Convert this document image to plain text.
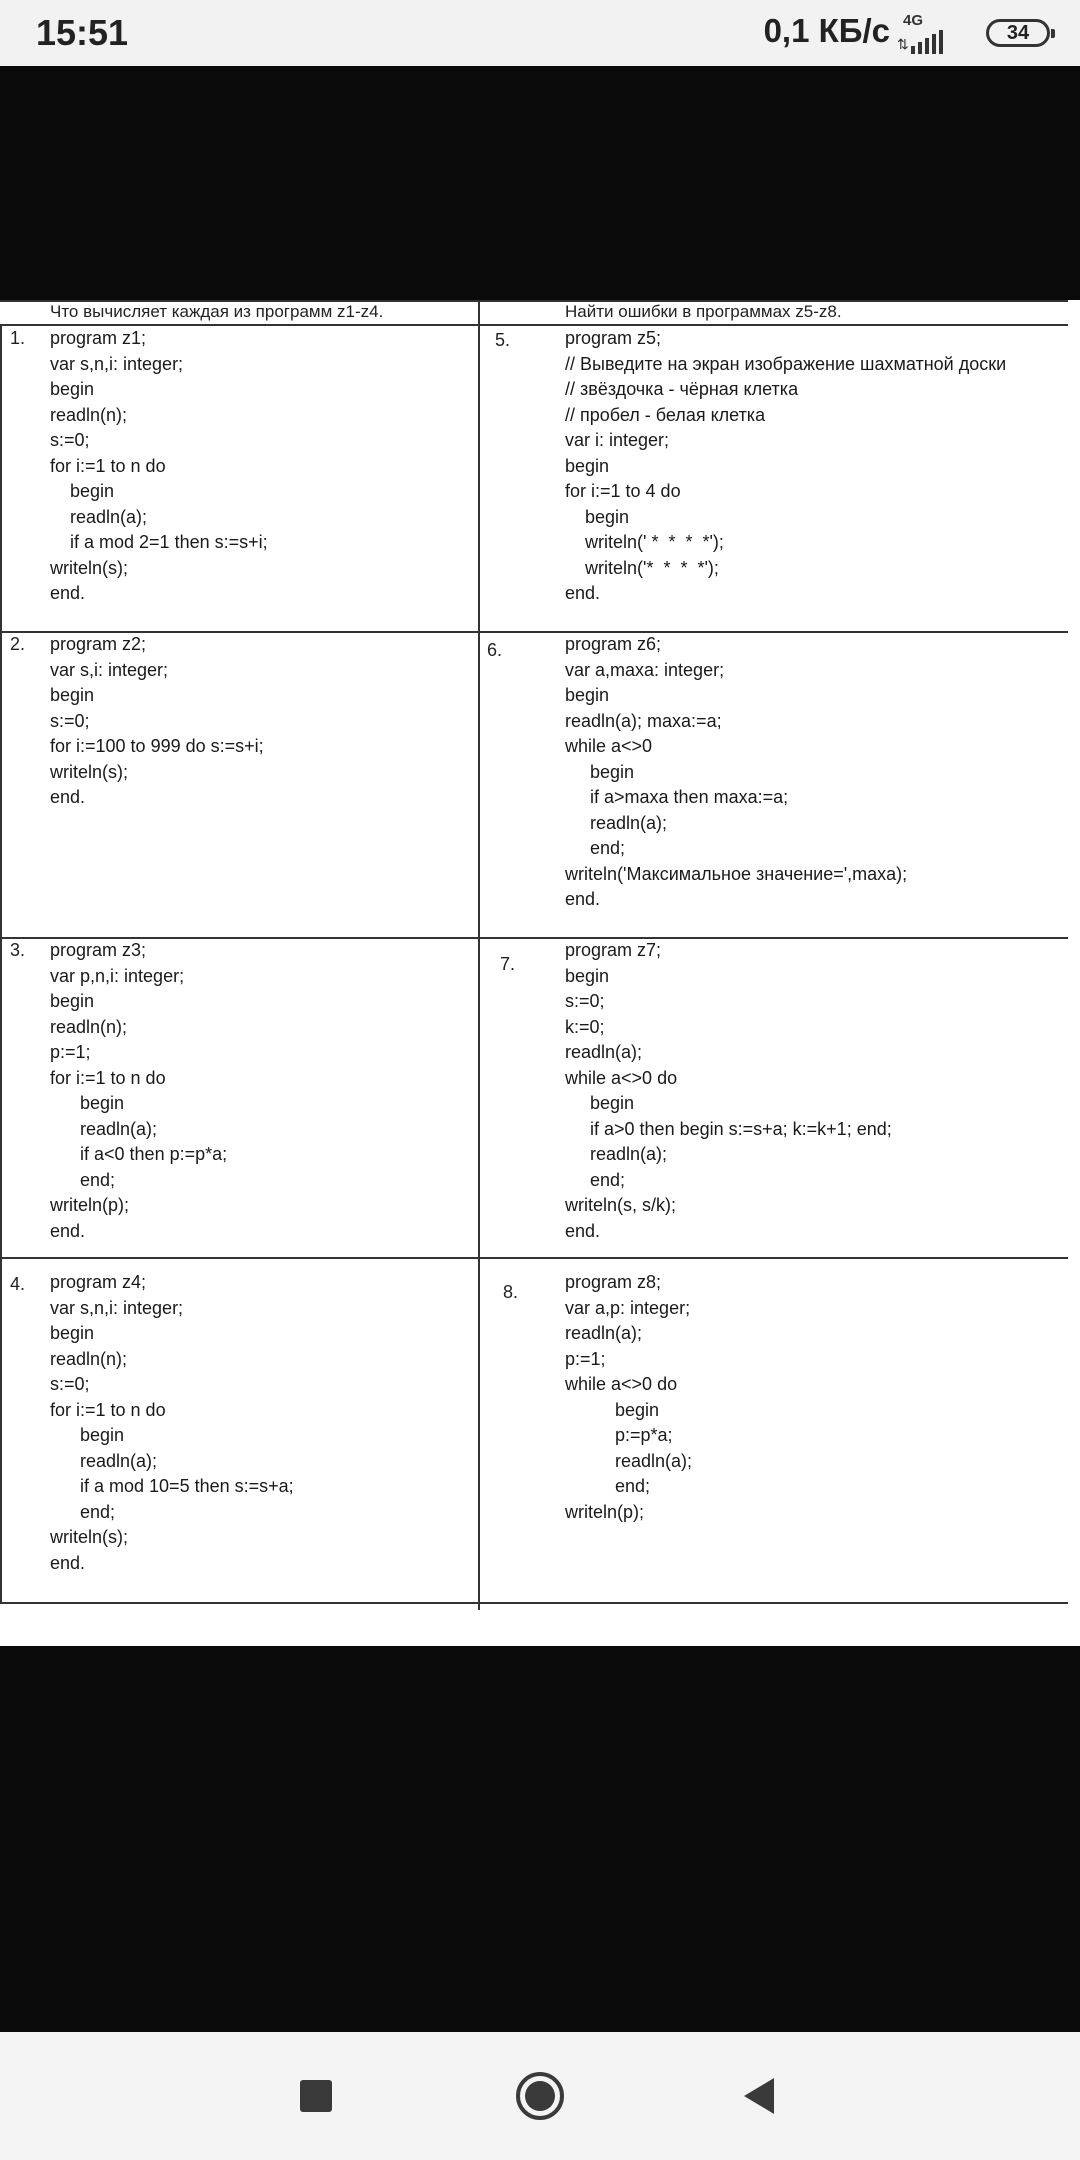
15:51	0,1 КБ/с 4G
⇅
34
Что вычисляет каждая из программ z1-z4.	Найти ошибки в программах z5-z8.
1.
2.
3.
4.
5.
6.
7.
8.
program z1;
var s,n,i: integer;
begin
readln(n);
s:=0;
for i:=1 to n do
begin
readln(a);
if a mod 2=1 then s:=s+i;
writeln(s);
end.
program z2;
var s,i: integer;
begin
s:=0;
for i:=100 to 999 do s:=s+i;
writeln(s);
end.
program z3;
var p,n,i: integer;
begin
readln(n);
p:=1;
for i:=1 to n do
begin
readln(a);
if a<0 then p:=p*a;
end;
writeln(p);
end.
program z4;
var s,n,i: integer;
begin
readln(n);
s:=0;
for i:=1 to n do
begin
readln(a);
if a mod 10=5 then s:=s+a;
end;
writeln(s);
end.
program z5;
// Выведите на экран изображение шахматной доски
// звёздочка - чёрная клетка
// пробел - белая клетка
var i: integer;
begin
for i:=1 to 4 do
begin
writeln(' *  *  *  *');
writeln('*  *  *  *');
end.
program z6;
var a,maxa: integer;
begin
readln(a); maxa:=a;
while a<>0
begin
if a>maxa then maxa:=a;
readln(a);
end;
writeln('Максимальное значение=',maxa);
end.
program z7;
begin
s:=0;
k:=0;
readln(a);
while a<>0 do
begin
if a>0 then begin s:=s+a; k:=k+1; end;
readln(a);
end;
writeln(s, s/k);
end.
program z8;
var a,p: integer;
readln(a);
p:=1;
while a<>0 do
begin
p:=p*a;
readln(a);
end;
writeln(p);
